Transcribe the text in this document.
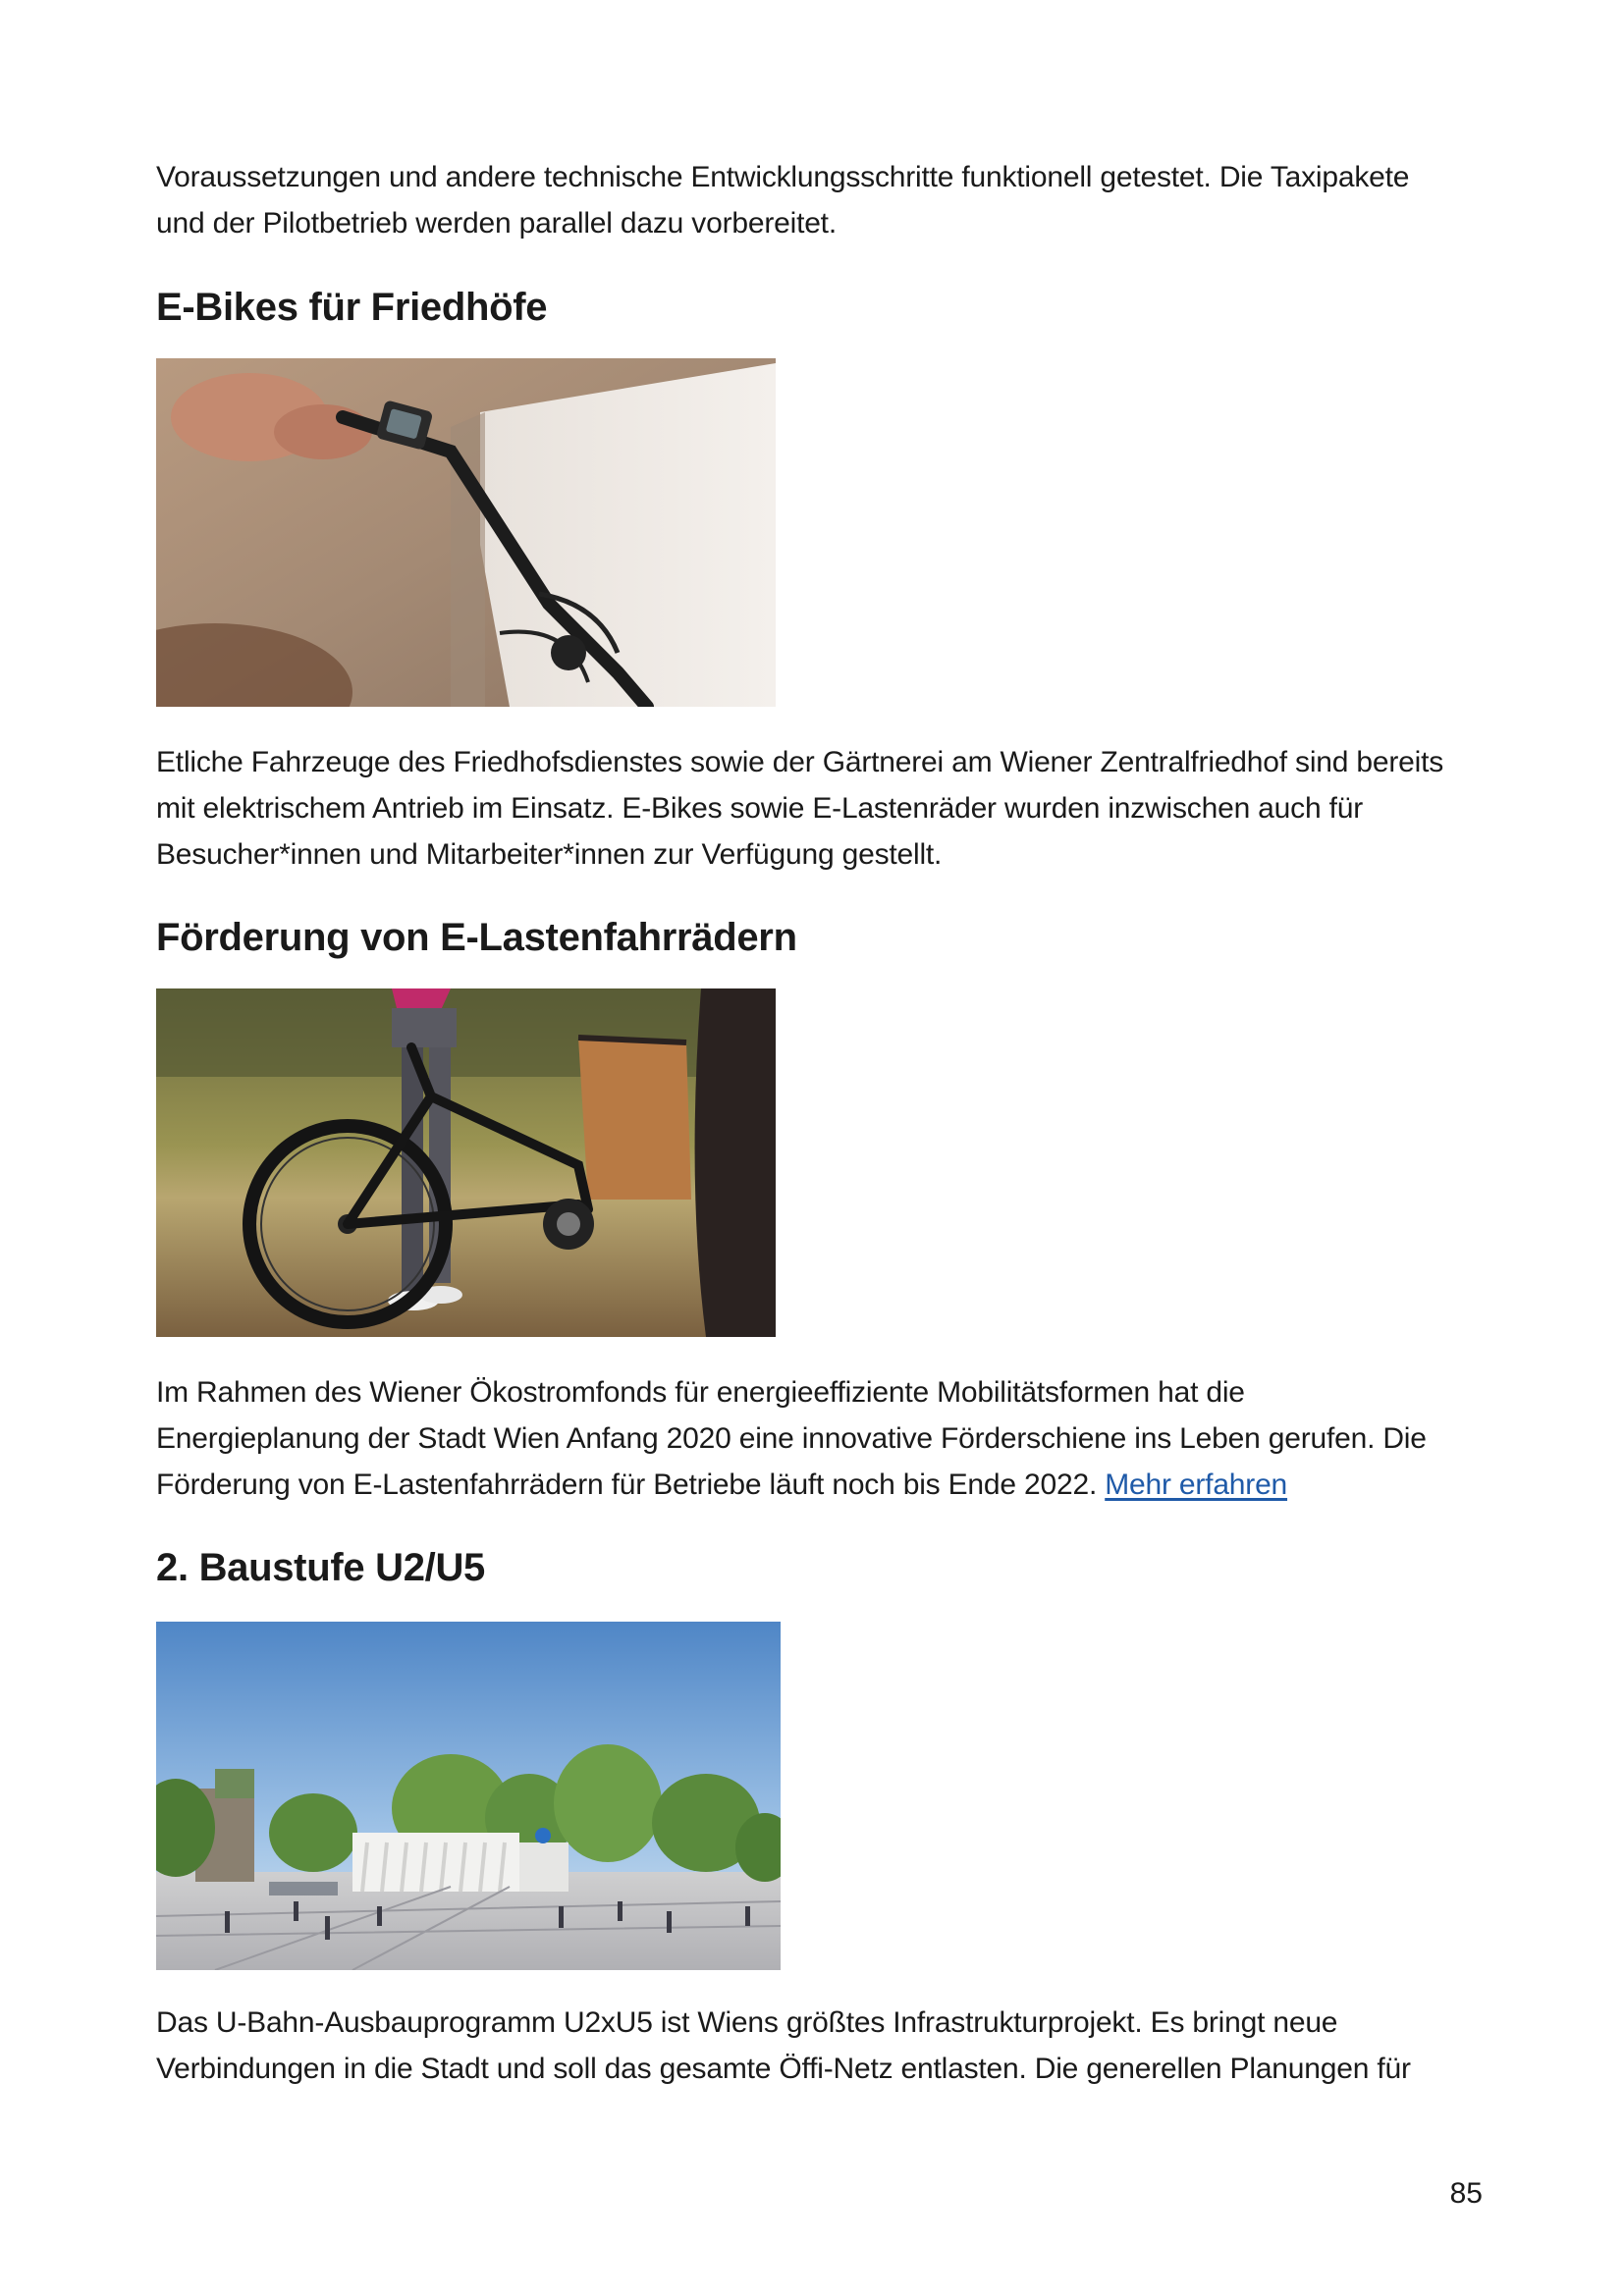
Voraussetzungen und andere technische Entwicklungsschritte funktionell getestet. Die Taxipakete
und der Pilotbetrieb werden parallel dazu vorbereitet.

E-Bikes für Friedhöfe

Etliche Fahrzeuge des Friedhofsdienstes sowie der Gärtnerei am Wiener Zentralfriedhof sind bereits
mit elektrischem Antrieb im Einsatz. E-Bikes sowie E-Lastenräder wurden inzwischen auch für
Besucher*innen und Mitarbeiter*innen zur Verfügung gestellt.

Förderung von E-Lastenfahrrädern

Im Rahmen des Wiener Ökostromfonds für energieeffiziente Mobilitätsformen hat die
Energieplanung der Stadt Wien Anfang 2020 eine innovative Förderschiene ins Leben gerufen. Die
Förderung von E-Lastenfahrrädern für Betriebe läuft noch bis Ende 2022. Mehr erfahren

2. Baustufe U2/U5

Das U-Bahn-Ausbauprogramm U2xU5 ist Wiens größtes Infrastrukturprojekt. Es bringt neue
Verbindungen in die Stadt und soll das gesamte Öffi-Netz entlasten. Die generellen Planungen für

85
